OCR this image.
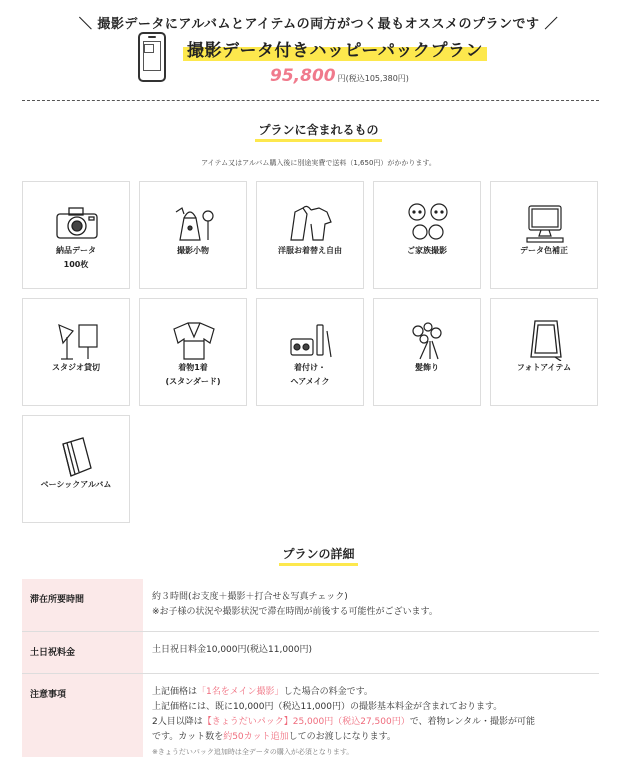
＼ 撮影データにアルバムとアイテムの両方がつく最もオススメのプランです ／
撮影データ付きハッピーパックプラン
95,800 円(税込105,380円)
プランに含まれるもの
アイテム又はアルバム購入後に別途実費で送料（1,650円）がかかります。
納品データ
100枚
撮影小物	洋服お着替え自由	ご家族撮影	データ色補正
スタジオ貸切	着物1着
(スタンダード)
着付け・
ヘアメイク
髪飾り	フォトアイテム
ベーシックアルバム
プランの詳細
滞在所要時間	約３時間(お支度＋撮影＋打合せ＆写真チェック)
※お子様の状況や撮影状況で滞在時間が前後する可能性がございます。

土日祝料金	土日祝日料金10,000円(税込11,000円)

注意事項	上記価格は「1名をメイン撮影」した場合の料金です。
上記価格には、既に10,000円（税込11,000円）の撮影基本料金が含まれております。
2人目以降は【きょうだいパック】25,000円（税込27,500円）で、着物レンタル・撮影が可能
です。カット数を約50カット追加してのお渡しになります。
※きょうだいパック追加時は全データの購入が必須となります。
